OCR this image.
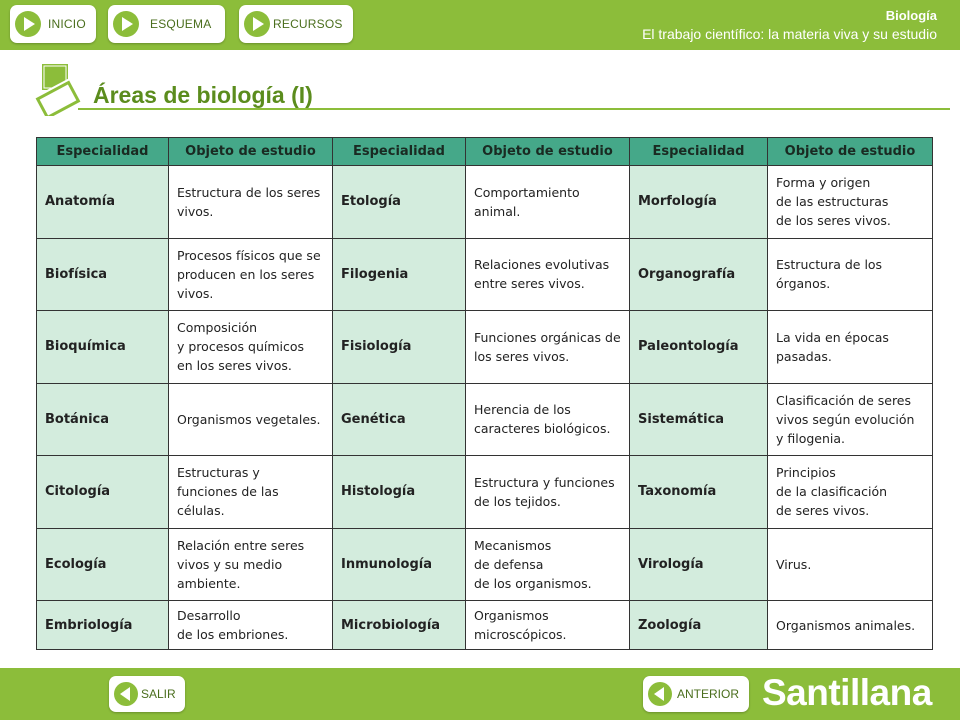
INICIO	ESQUEMA	RECURSOS
Biología
El trabajo científico: la materia viva y su estudio
Áreas de biología (I)
Especialidad	Objeto de estudio	Especialidad	Objeto de estudio	Especialidad	Objeto de estudio
Anatomía	Estructura de los seres vivos.	Etología	Comportamiento animal.	Morfología	Forma y origen
de las estructuras
de los seres vivos.
Biofísica	Procesos físicos que se producen en los seres vivos.	Filogenia	Relaciones evolutivas entre seres vivos.	Organografía	Estructura de los órganos.
Bioquímica	Composición
y procesos químicos
en los seres vivos.	Fisiología	Funciones orgánicas de los seres vivos.	Paleontología	La vida en épocas pasadas.
Botánica	Organismos vegetales.	Genética	Herencia de los caracteres biológicos.	Sistemática	Clasificación de seres vivos según evolución y filogenia.
Citología	Estructuras y funciones de las células.	Histología	Estructura y funciones de los tejidos.	Taxonomía	Principios
de la clasificación
de seres vivos.
Ecología	Relación entre seres vivos y su medio ambiente.	Inmunología	Mecanismos
de defensa
de los organismos.	Virología	Virus.
Embriología	Desarrollo
de los embriones.	Microbiología	Organismos microscópicos.	Zoología	Organismos animales.
SALIR	ANTERIOR Santillana
